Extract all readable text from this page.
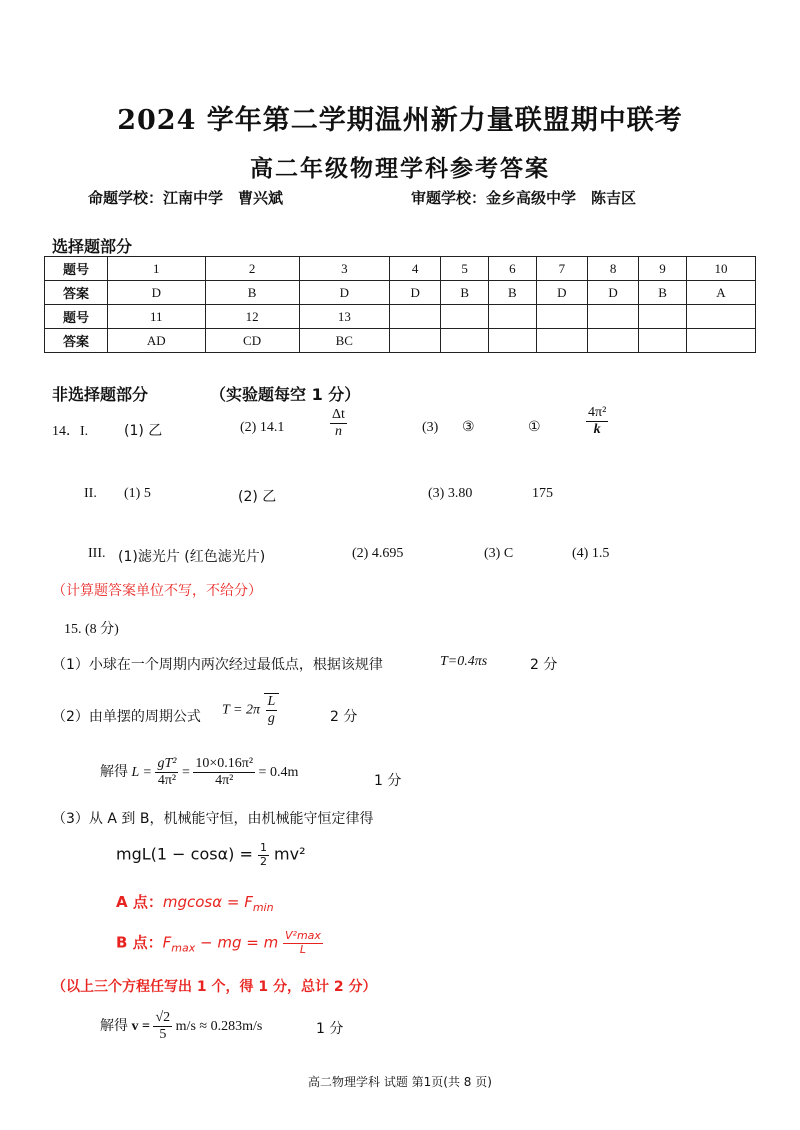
2024 学年第二学期温州新力量联盟期中联考
高二年级物理学科参考答案
命题学校：江南中学　曹兴斌	审题学校：金乡高级中学　陈吉区
选择题部分
题号	1	2	3	4	5	6	7	8	9	10
答案	D	B	D	D	B	B	D	D	B	A
题号	11	12	13							
答案	AD	CD	BC							
非选择题部分	（实验题每空 1 分）
14．I.	(1) 乙	(2) 14.1	$\frac{\Delta t}{n}$	(3) ③	①	$\frac{\text{4π²}}{k}$
II. (1) 5	(2) 乙	(3) 3.80	175
III. (1)滤光片 (红色滤光片)	(2) 4.695	(3) C	(4) 1.5
（计算题答案单位不写，不给分）
15. (8 分)
（1）小球在一个周期内两次经过最低点，根据该规律	T=0.4πs	2 分
（2）由单摆的周期公式 $T = 2\pi \frac{L}{g}$	2 分
解得 $L = \frac{\text{gT²}}{\text{4π²}} = \frac{\text{10×0.16π²}}{\text{4π²}} = 0.4m$
1 分
（3）从 A 到 B，机械能守恒，由机械能守恒定律得
$mgL(1 - \cos\alpha) = \frac{1}{2} mv^2$
A 点：$mgcos\alpha = F_{min}$
B 点：$F_{max}$ − mg = m $\frac{\text{V²max}}{L}$
（以上三个方程任写出 1 个，得 1 分，总计 2 分）
解得 $v = \frac{√2}{5} m/s \approx 0.283m/s$	1 分
高二物理学科 试题 第1页(共 8 页)
